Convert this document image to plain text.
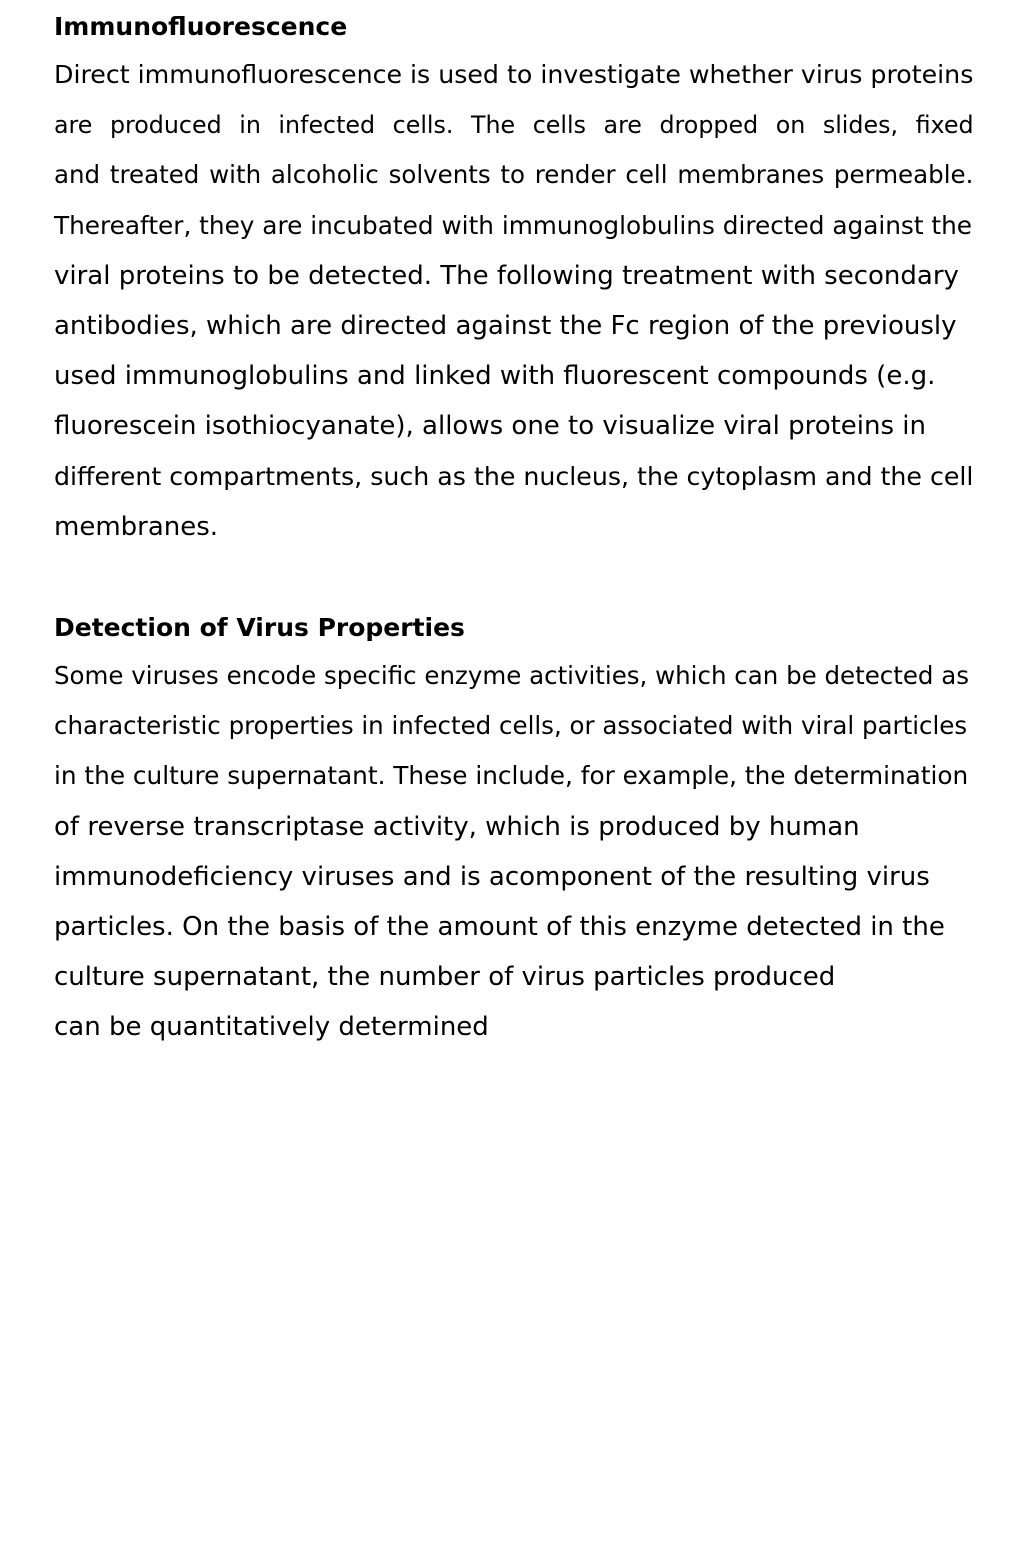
Immunofluorescence

Direct immunofluorescence is used to investigate whether virus proteins

are produced in infected cells. The cells are dropped on slides, fixed

and treated with alcoholic solvents to render cell membranes permeable.

Thereafter, they are incubated with immunoglobulins directed against the

viral proteins to be detected. The following treatment with secondary

antibodies, which are directed against the Fc region of the previously

used immunoglobulins and linked with fluorescent compounds (e.g.

fluorescein isothiocyanate), allows one to visualize viral proteins in

different compartments, such as the nucleus, the cytoplasm and the cell

membranes.

Detection of Virus Properties

Some viruses encode specific enzyme activities, which can be detected as

characteristic properties in infected cells, or associated with viral particles

in the culture supernatant. These include, for example, the determination

of reverse transcriptase activity, which is produced by human

immunodeficiency viruses and is acomponent of the resulting virus

particles. On the basis of the amount of this enzyme detected in the

culture supernatant, the number of virus particles produced

can be quantitatively determined
